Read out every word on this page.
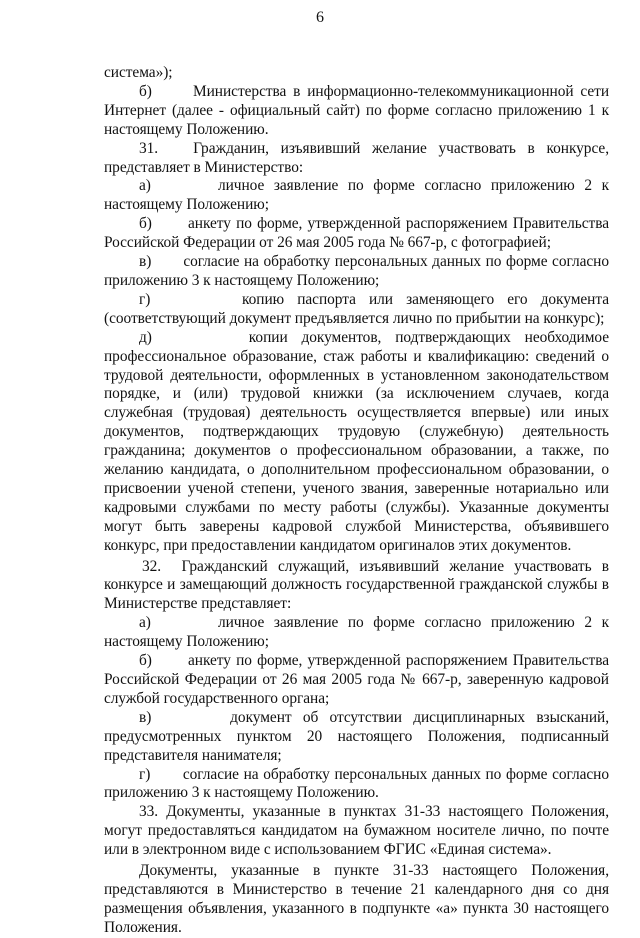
6

система»);

б)      Министерства в информационно-телекоммуникационной сети Интернет (далее - официальный сайт) по форме согласно приложению 1 к настоящему Положению.

31.   Гражданин, изъявивший желание участвовать в конкурсе, представляет в Министерство:

а)       личное заявление по форме согласно приложению 2 к настоящему Положению;

б)       анкету по форме, утвержденной распоряжением Правительства Российской Федерации от 26 мая 2005 года № 667-р, с фотографией;

в)       согласие на обработку персональных данных по форме согласно приложению 3 к настоящему Положению;

г)       копию паспорта или заменяющего его документа (соответствующий документ предъявляется лично по прибытии на конкурс);

д)       копии документов, подтверждающих необходимое профессиональное образование, стаж работы и квалификацию: сведений о трудовой деятельности, оформленных в установленном законодательством порядке, и (или) трудовой книжки (за исключением случаев, когда служебная (трудовая) деятельность осуществляется впервые) или иных документов, подтверждающих трудовую (служебную) деятельность гражданина; документов о профессиональном образовании, а также, по желанию кандидата, о дополнительном профессиональном образовании, о присвоении ученой степени, ученого звания, заверенные нотариально или кадровыми службами по месту работы (службы). Указанные документы могут быть заверены кадровой службой Министерства, объявившего конкурс, при предоставлении кандидатом оригиналов этих документов.

32.  Гражданский служащий, изъявивший желание участвовать в конкурсе и замещающий должность государственной гражданской службы в Министерстве представляет:

а)       личное заявление по форме согласно приложению 2 к настоящему Положению;

б)       анкету по форме, утвержденной распоряжением Правительства Российской Федерации от 26 мая 2005 года № 667-р, заверенную кадровой службой государственного органа;

в)       документ об отсутствии дисциплинарных взысканий, предусмотренных пунктом 20 настоящего Положения, подписанный представителя нанимателя;

г)       согласие на обработку персональных данных по форме согласно приложению 3 к настоящему Положению.

33. Документы, указанные в пунктах 31-33 настоящего Положения, могут предоставляться кандидатом на бумажном носителе лично, по почте или в электронном виде с использованием ФГИС «Единая система».

Документы, указанные в пункте 31-33 настоящего Положения, представляются в Министерство в течение 21 календарного дня со дня размещения объявления, указанного в подпункте «а» пункта 30 настоящего Положения.
